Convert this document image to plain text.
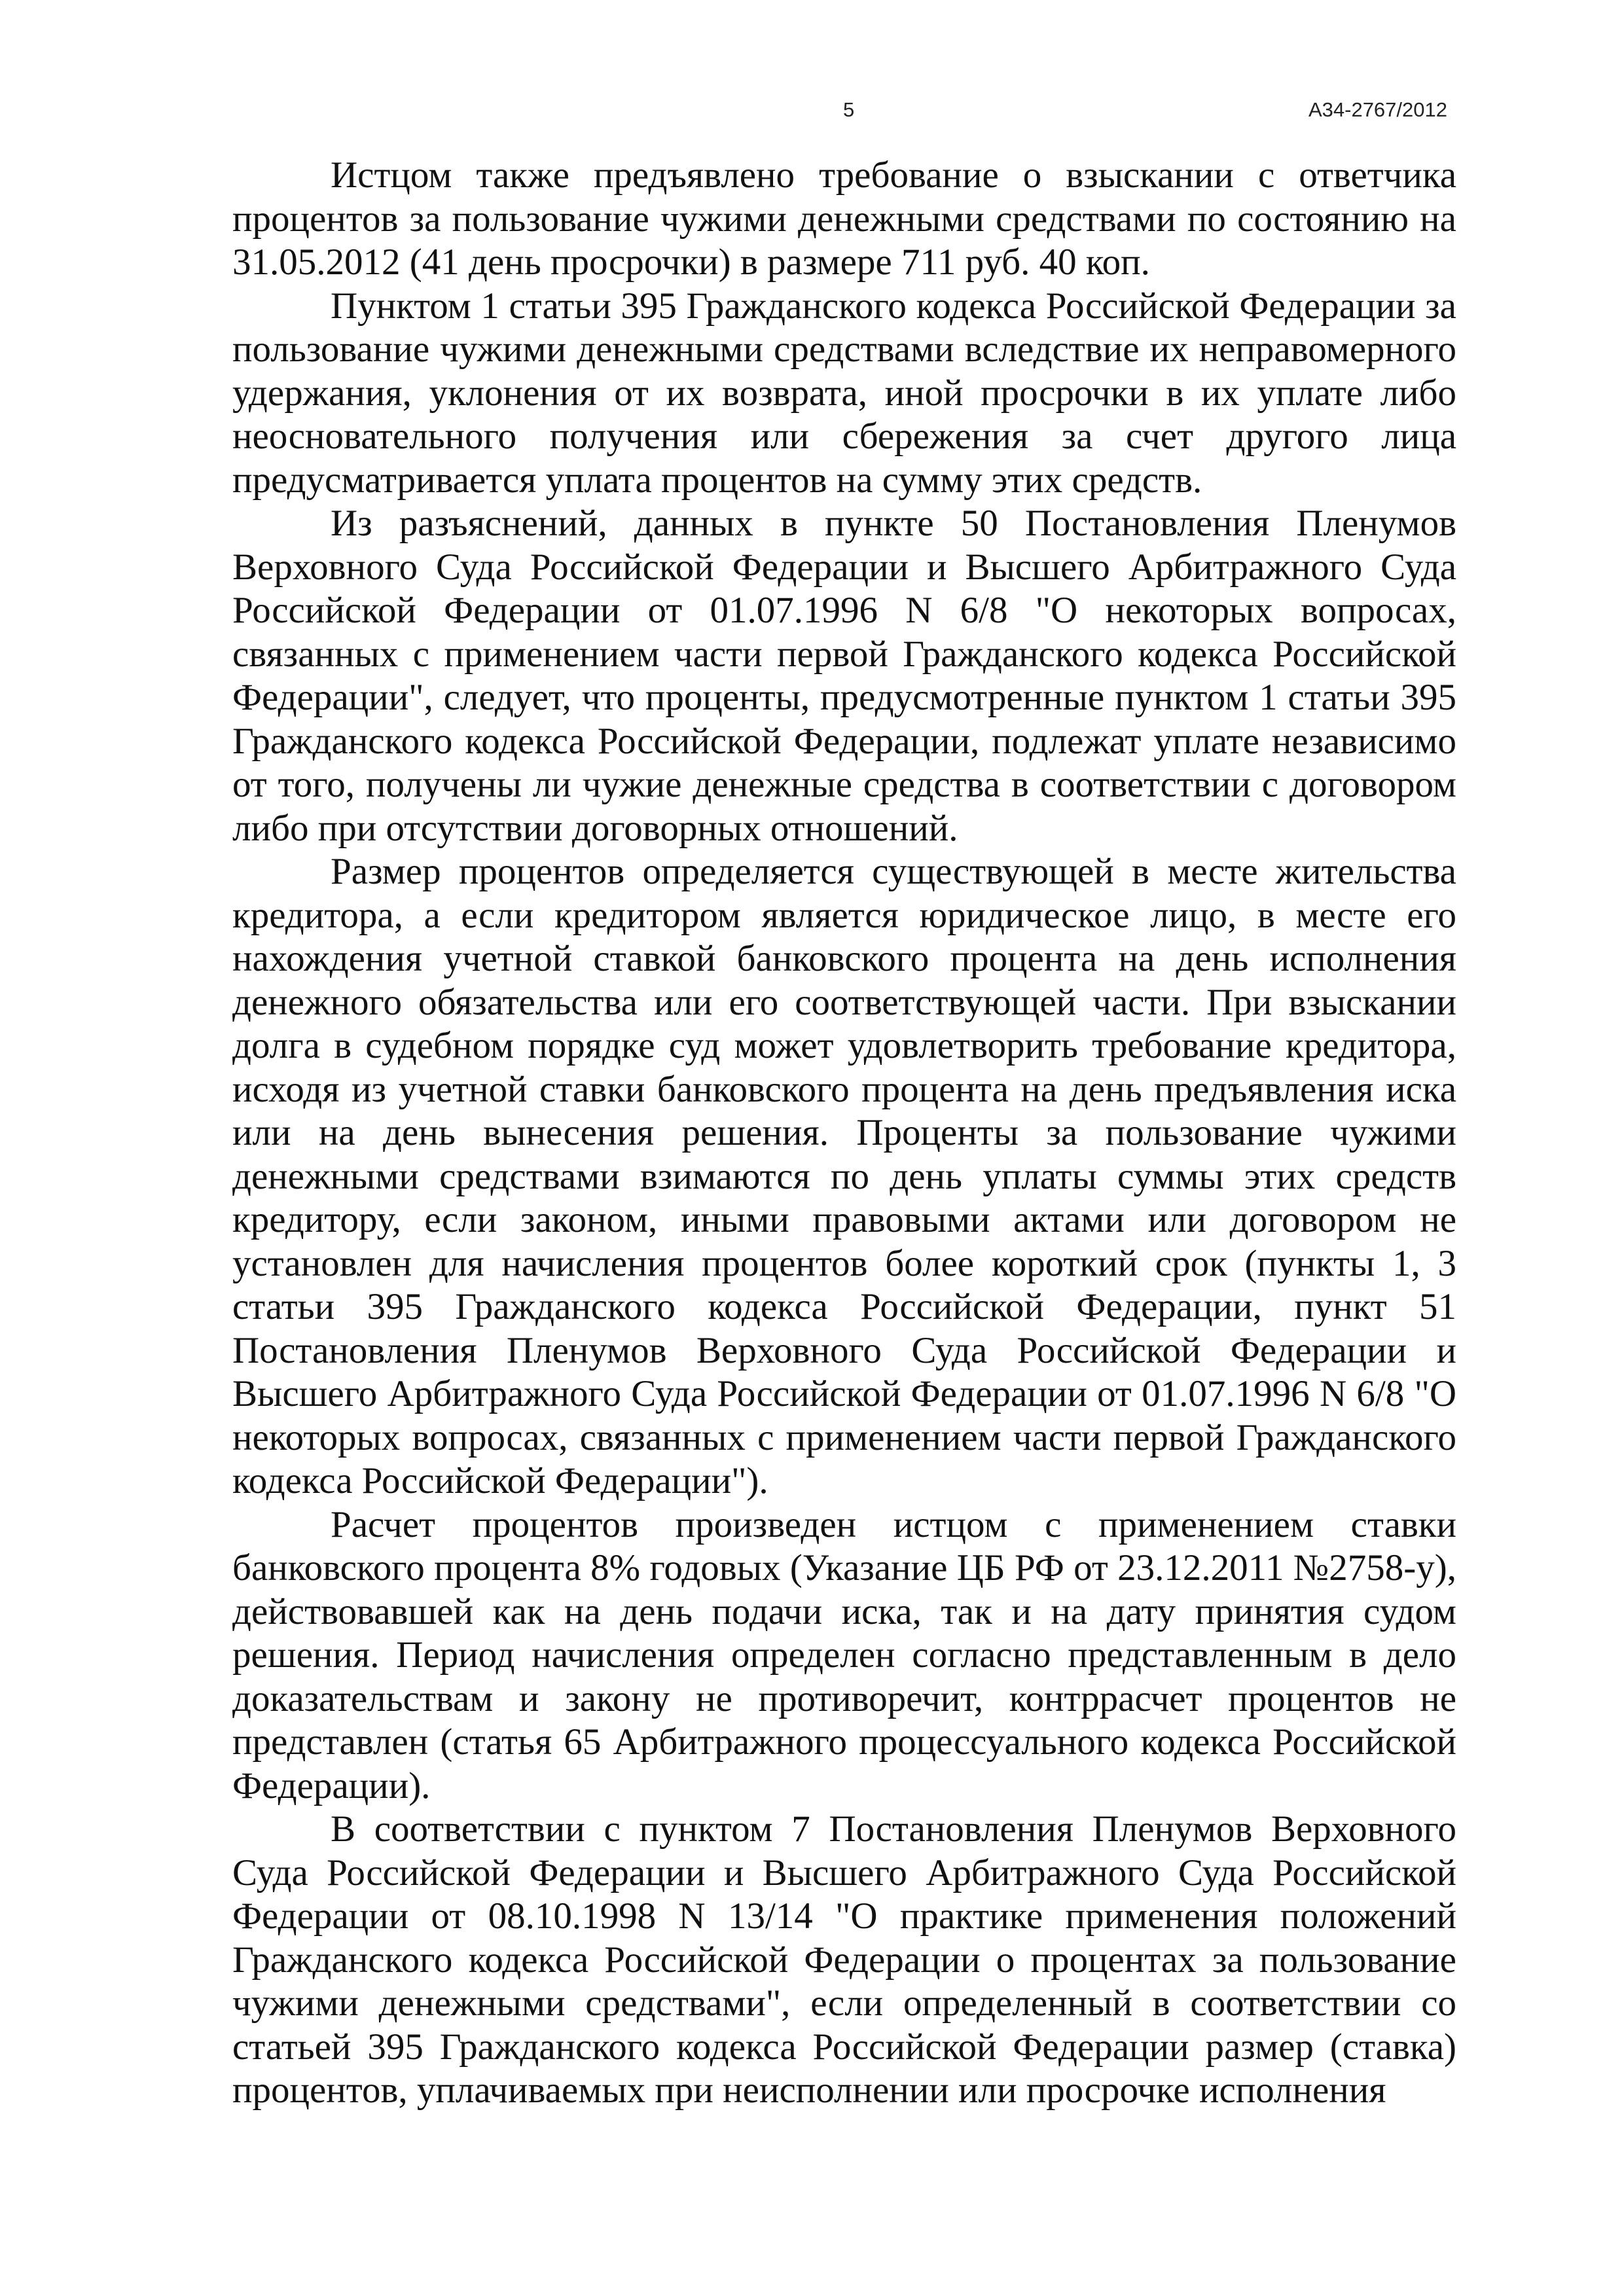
5	А34-2767/2012

Истцом также предъявлено требование о взыскании с ответчика процентов за пользование чужими денежными средствами по состоянию на 31.05.2012 (41 день просрочки) в размере 711 руб. 40 коп.

Пунктом 1 статьи 395 Гражданского кодекса Российской Федерации за пользование чужими денежными средствами вследствие их неправомерного удержания, уклонения от их возврата, иной просрочки в их уплате либо неосновательного получения или сбережения за счет другого лица предусматривается уплата процентов на сумму этих средств.

Из разъяснений, данных в пункте 50 Постановления Пленумов Верховного Суда Российской Федерации и Высшего Арбитражного Суда Российской Федерации от 01.07.1996 N 6/8 "О некоторых вопросах, связанных с применением части первой Гражданского кодекса Российской Федерации", следует, что проценты, предусмотренные пунктом 1 статьи 395 Гражданского кодекса Российской Федерации, подлежат уплате независимо от того, получены ли чужие денежные средства в соответствии с договором либо при отсутствии договорных отношений.

Размер процентов определяется существующей в месте жительства кредитора, а если кредитором является юридическое лицо, в месте его нахождения учетной ставкой банковского процента на день исполнения денежного обязательства или его соответствующей части. При взыскании долга в судебном порядке суд может удовлетворить требование кредитора, исходя из учетной ставки банковского процента на день предъявления иска или на день вынесения решения. Проценты за пользование чужими денежными средствами взимаются по день уплаты суммы этих средств кредитору, если законом, иными правовыми актами или договором не установлен для начисления процентов более короткий срок (пункты 1, 3 статьи 395 Гражданского кодекса Российской Федерации, пункт 51 Постановления Пленумов Верховного Суда Российской Федерации и Высшего Арбитражного Суда Российской Федерации от 01.07.1996 N 6/8 "О некоторых вопросах, связанных с применением части первой Гражданского кодекса Российской Федерации").

Расчет процентов произведен истцом с применением ставки банковского процента 8% годовых (Указание ЦБ РФ от 23.12.2011 №2758-у), действовавшей как на день подачи иска, так и на дату принятия судом решения. Период начисления определен согласно представленным в дело доказательствам и закону не противоречит, контррасчет процентов не представлен (статья 65 Арбитражного процессуального кодекса Российской Федерации).

В соответствии с пунктом 7 Постановления Пленумов Верховного Суда Российской Федерации и Высшего Арбитражного Суда Российской Федерации от 08.10.1998 N 13/14 "О практике применения положений Гражданского кодекса Российской Федерации о процентах за пользование чужими денежными средствами", если определенный в соответствии со статьей 395 Гражданского кодекса Российской Федерации размер (ставка) процентов, уплачиваемых при неисполнении или просрочке исполнения
